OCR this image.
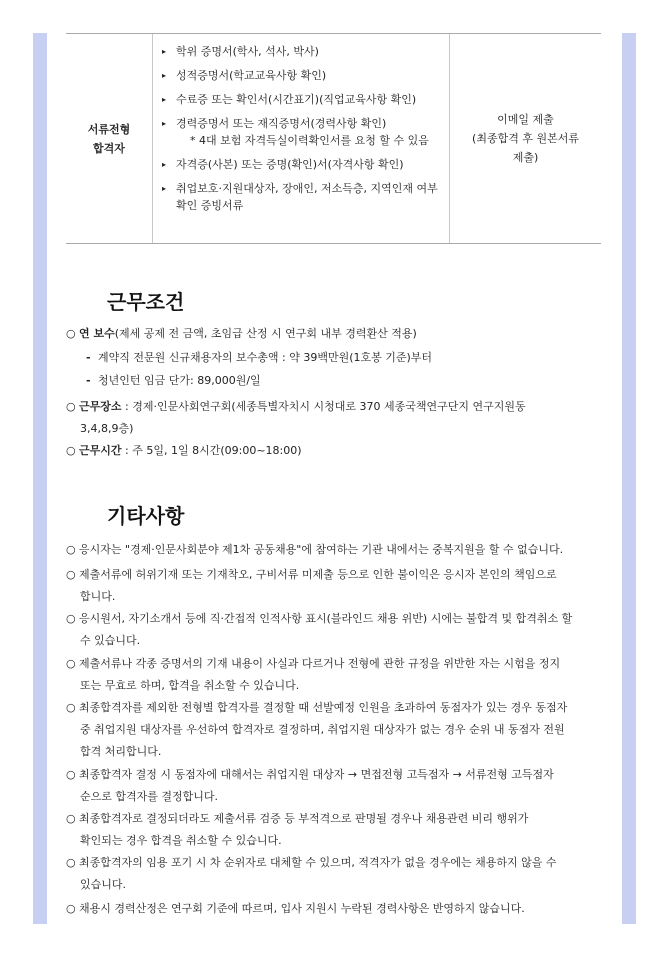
서류전형
합격자
▸ 학위 증명서(학사, 석사, 박사)
▸ 성적증명서(학교교육사항 확인)
▸ 수료증 또는 확인서(시간표기)(직업교육사항 확인)
▸ 경력증명서 또는 재직증명서(경력사항 확인)
* 4대 보험 자격득실이력확인서를 요청 할 수 있음
▸ 자격증(사본) 또는 증명(확인)서(자격사항 확인)
▸ 취업보호·지원대상자, 장애인, 저소득층, 지역인재 여부 확인 증빙서류
이메일 제출
(최종합격 후 원본서류
제출)
근무조건
○ 연 보수(제세 공제 전 금액, 초임급 산정 시 연구회 내부 경력환산 적용)
- 계약직 전문원 신규채용자의 보수총액 : 약 39백만원(1호봉 기준)부터
- 청년인턴 임금 단가: 89,000원/일
○ 근무장소 : 경제·인문사회연구회(세종특별자치시 시청대로 370 세종국책연구단지 연구지원동
3,4,8,9층)
○ 근무시간 : 주 5일, 1일 8시간(09:00~18:00)
기타사항
○ 응시자는 "경제·인문사회분야 제1차 공동채용"에 참여하는 기관 내에서는 중복지원을 할 수 없습니다.
○ 제출서류에 허위기재 또는 기재착오, 구비서류 미제출 등으로 인한 불이익은 응시자 본인의 책임으로
합니다.
○ 응시원서, 자기소개서 등에 직·간접적 인적사항 표시(블라인드 채용 위반) 시에는 불합격 및 합격취소 할
수 있습니다.
○ 제출서류나 각종 증명서의 기재 내용이 사실과 다르거나 전형에 관한 규정을 위반한 자는 시험을 정지
또는 무효로 하며, 합격을 취소할 수 있습니다.
○ 최종합격자를 제외한 전형별 합격자를 결정할 때 선발예정 인원을 초과하여 동점자가 있는 경우 동점자
중 취업지원 대상자를 우선하여 합격자로 결정하며, 취업지원 대상자가 없는 경우 순위 내 동점자 전원
합격 처리합니다.
○ 최종합격자 결정 시 동점자에 대해서는 취업지원 대상자 → 면접전형 고득점자 → 서류전형 고득점자
순으로 합격자를 결정합니다.
○ 최종합격자로 결정되더라도 제출서류 검증 등 부적격으로 판명될 경우나 채용관련 비리 행위가
확인되는 경우 합격을 취소할 수 있습니다.
○ 최종합격자의 임용 포기 시 차 순위자로 대체할 수 있으며, 적격자가 없을 경우에는 채용하지 않을 수
있습니다.
○ 채용시 경력산정은 연구회 기준에 따르며, 입사 지원시 누락된 경력사항은 반영하지 않습니다.
